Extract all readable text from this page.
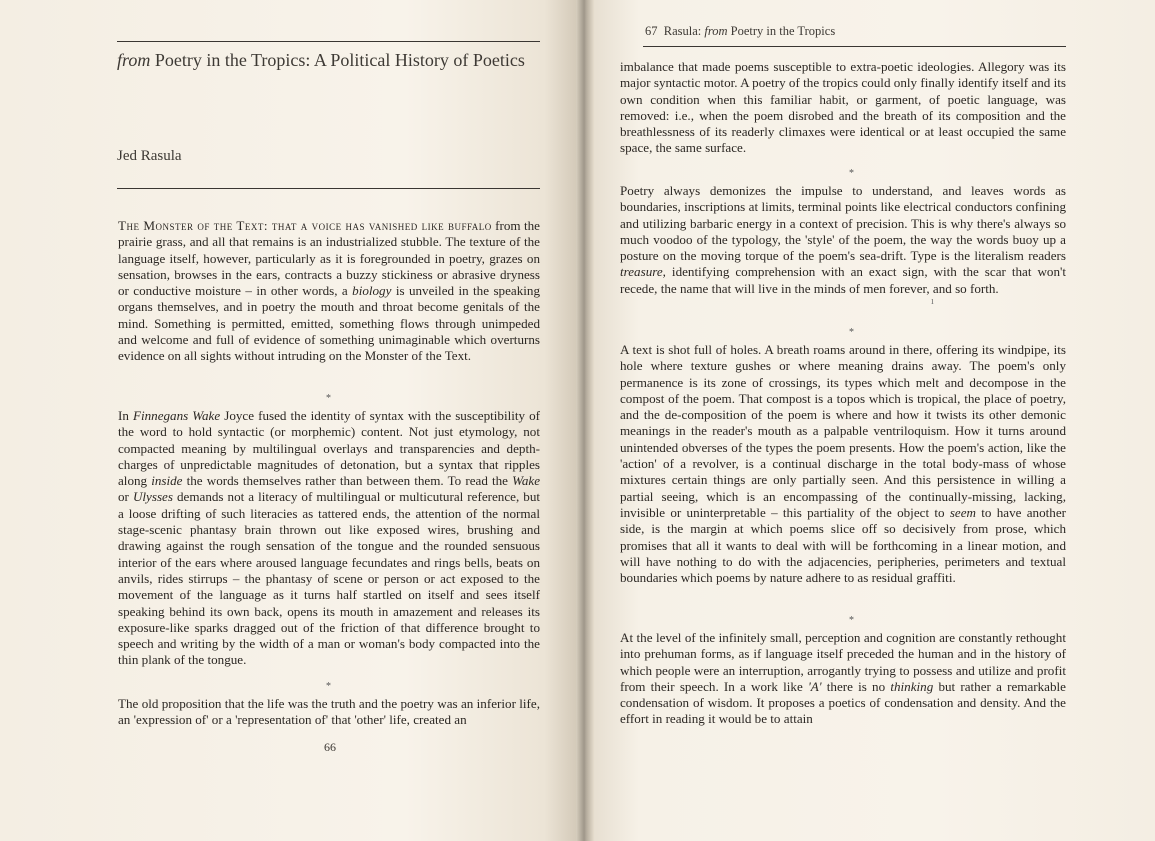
from Poetry in the Tropics: A Political History of Poetics
Jed Rasula
The Monster of the Text: that a voice has vanished like buffalo from the prairie grass, and all that remains is an industrialized stubble. The texture of the language itself, however, particularly as it is foregrounded in poetry, grazes on sensation, browses in the ears, contracts a buzzy stickiness or abrasive dryness or conductive moisture – in other words, a biology is unveiled in the speaking organs themselves, and in poetry the mouth and throat become genitals of the mind. Something is permitted, emitted, something flows through unimpeded and welcome and full of evidence of something unimaginable which overturns evidence on all sights without intruding on the Monster of the Text.
*
In Finnegans Wake Joyce fused the identity of syntax with the susceptibility of the word to hold syntactic (or morphemic) content. Not just etymology, not compacted meaning by multilingual overlays and transparencies and depth-charges of unpredictable magnitudes of detonation, but a syntax that ripples along inside the words themselves rather than between them. To read the Wake or Ulysses demands not a literacy of multilingual or multicutural reference, but a loose drifting of such literacies as tattered ends, the attention of the normal stage-scenic phantasy brain thrown out like exposed wires, brushing and drawing against the rough sensation of the tongue and the rounded sensuous interior of the ears where aroused language fecundates and rings bells, beats on anvils, rides stirrups – the phantasy of scene or person or act exposed to the movement of the language as it turns half startled on itself and sees itself speaking behind its own back, opens its mouth in amazement and releases its exposure-like sparks dragged out of the friction of that difference brought to speech and writing by the width of a man or woman's body compacted into the thin plank of the tongue.
*
The old proposition that the life was the truth and the poetry was an inferior life, an 'expression of' or a 'representation of' that 'other' life, created an
66
67 Rasula: from Poetry in the Tropics
imbalance that made poems susceptible to extra-poetic ideologies. Allegory was its major syntactic motor. A poetry of the tropics could only finally identify itself and its own condition when this familiar habit, or garment, of poetic language, was removed: i.e., when the poem disrobed and the breath of its composition and the breathlessness of its readerly climaxes were identical or at least occupied the same space, the same surface.
*
Poetry always demonizes the impulse to understand, and leaves words as boundaries, inscriptions at limits, terminal points like electrical conductors confining and utilizing barbaric energy in a context of precision. This is why there's always so much voodoo of the typology, the 'style' of the poem, the way the words buoy up a posture on the moving torque of the poem's sea-drift. Type is the literalism readers treasure, identifying comprehension with an exact sign, with the scar that won't recede, the name that will live in the minds of men forever, and so forth.
ı
*
A text is shot full of holes. A breath roams around in there, offering its windpipe, its hole where texture gushes or where meaning drains away. The poem's only permanence is its zone of crossings, its types which melt and decompose in the compost of the poem. That compost is a topos which is tropical, the place of poetry, and the de-composition of the poem is where and how it twists its other demonic meanings in the reader's mouth as a palpable ventriloquism. How it turns around unintended obverses of the types the poem presents. How the poem's action, like the 'action' of a revolver, is a continual discharge in the total body-mass of whose mixtures certain things are only partially seen. And this persistence in willing a partial seeing, which is an encompassing of the continually-missing, lacking, invisible or uninterpretable – this partiality of the object to seem to have another side, is the margin at which poems slice off so decisively from prose, which promises that all it wants to deal with will be forthcoming in a linear motion, and will have nothing to do with the adjacencies, peripheries, perimeters and textual boundaries which poems by nature adhere to as residual graffiti.
*
At the level of the infinitely small, perception and cognition are constantly rethought into prehuman forms, as if language itself preceded the human and in the history of which people were an interruption, arrogantly trying to possess and utilize and profit from their speech. In a work like 'A' there is no thinking but rather a remarkable condensation of wisdom. It proposes a poetics of condensation and density. And the effort in reading it would be to attain
